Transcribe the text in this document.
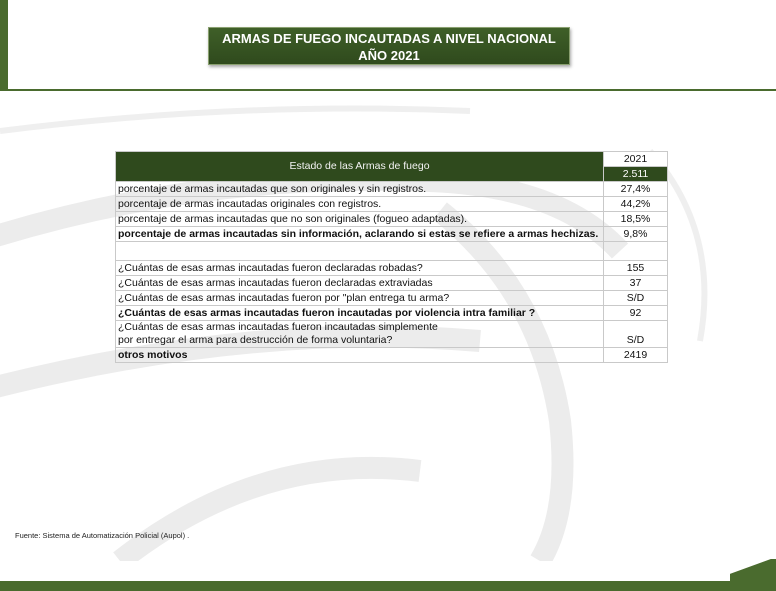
ARMAS DE FUEGO INCAUTADAS A NIVEL NACIONAL
AÑO 2021
Estado de las Armas de fuego	2021
	2.511
porcentaje de armas incautadas que son originales y sin registros.	27,4%
porcentaje de armas incautadas originales con registros.	44,2%
porcentaje de armas incautadas que no son originales (fogueo adaptadas).	18,5%
porcentaje de armas incautadas sin información, aclarando si estas se refiere a armas hechizas.	9,8%

¿Cuántas de esas armas incautadas fueron declaradas robadas?	155
¿Cuántas de esas armas incautadas fueron declaradas extraviadas	37
¿Cuántas de esas armas incautadas fueron por "plan entrega tu arma?	S/D
¿Cuántas de esas armas incautadas fueron incautadas por violencia intra familiar ?	92

¿Cuántas de esas armas incautadas fueron incautadas simplemente
por entregar el arma para destrucción de forma voluntaria?	S/D
otros motivos	2419
Fuente: Sistema de Automatización Policial (Aupol) .
